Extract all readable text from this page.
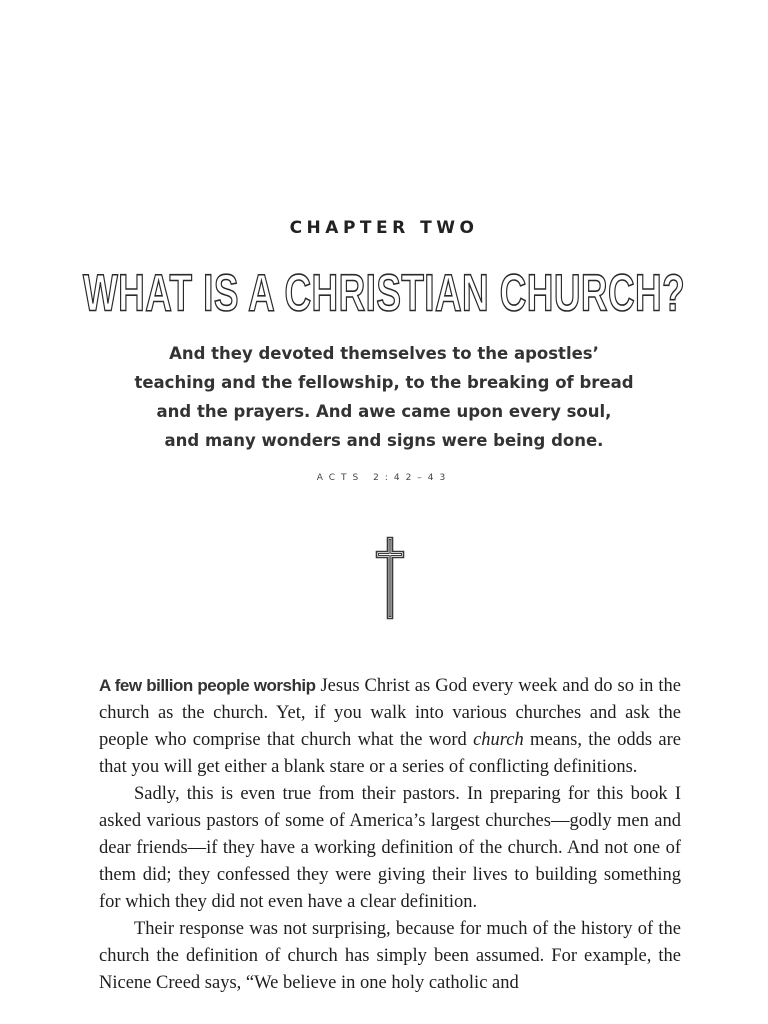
CHAPTER TWO
WHAT IS A CHRISTIAN CHURCH?
And they devoted themselves to the apostles’
teaching and the fellowship, to the breaking of bread
and the prayers. And awe came upon every soul,
and many wonders and signs were being done.
ACTS 2:42–43

A few billion people worship Jesus Christ as God every week and do so in the church as the church. Yet, if you walk into various churches and ask the people who comprise that church what the word church means, the odds are that you will get either a blank stare or a series of conflicting definitions.

Sadly, this is even true from their pastors. In preparing for this book I asked various pastors of some of America’s largest churches—godly men and dear friends—if they have a working definition of the church. And not one of them did; they confessed they were giving their lives to building something for which they did not even have a clear definition.

Their response was not surprising, because for much of the history of the church the definition of church has simply been assumed. For example, the Nicene Creed says, “We believe in one holy catholic and
